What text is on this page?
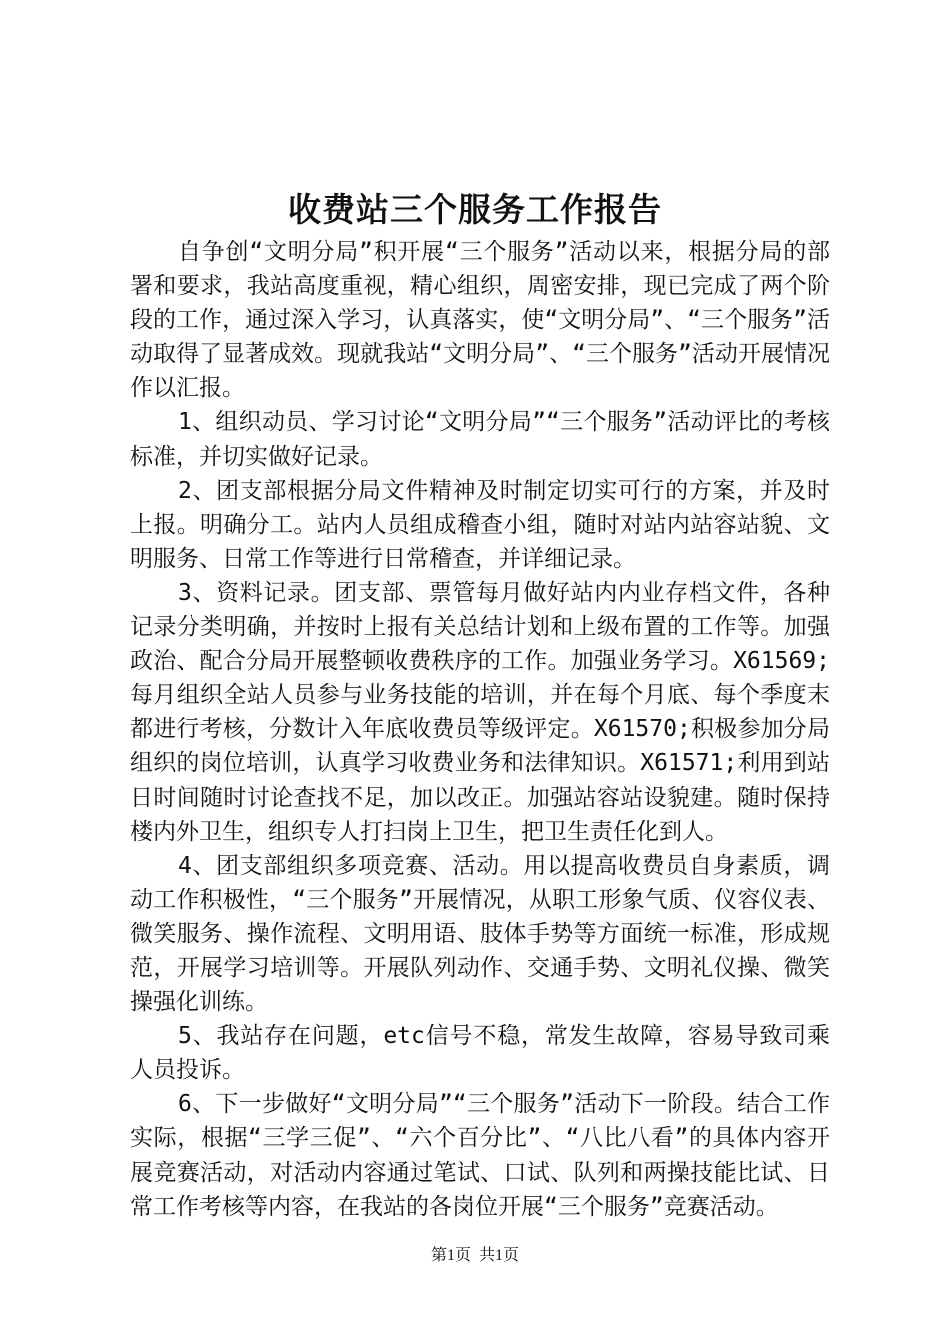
收费站三个服务工作报告

自争创“文明分局”积开展“三个服务”活动以来，根据分局的部署和要求，我站高度重视，精心组织，周密安排，现已完成了两个阶段的工作，通过深入学习，认真落实，使“文明分局”、“三个服务”活动取得了显著成效。现就我站“文明分局”、“三个服务”活动开展情况作以汇报。

1、组织动员、学习讨论“文明分局”“三个服务”活动评比的考核标准，并切实做好记录。

2、团支部根据分局文件精神及时制定切实可行的方案，并及时上报。明确分工。站内人员组成稽查小组，随时对站内站容站貌、文明服务、日常工作等进行日常稽查，并详细记录。

3、资料记录。团支部、票管每月做好站内内业存档文件，各种记录分类明确，并按时上报有关总结计划和上级布置的工作等。加强政治、配合分局开展整顿收费秩序的工作。加强业务学习。X61569;每月组织全站人员参与业务技能的培训，并在每个月底、每个季度末都进行考核，分数计入年底收费员等级评定。X61570;积极参加分局组织的岗位培训，认真学习收费业务和法律知识。X61571;利用到站日时间随时讨论查找不足，加以改正。加强站容站设貌建。随时保持楼内外卫生，组织专人打扫岗上卫生，把卫生责任化到人。

4、团支部组织多项竞赛、活动。用以提高收费员自身素质，调动工作积极性，“三个服务”开展情况，从职工形象气质、仪容仪表、微笑服务、操作流程、文明用语、肢体手势等方面统一标准，形成规范，开展学习培训等。开展队列动作、交通手势、文明礼仪操、微笑操强化训练。

5、我站存在问题，etc信号不稳，常发生故障，容易导致司乘人员投诉。

6、下一步做好“文明分局”“三个服务”活动下一阶段。结合工作实际，根据“三学三促”、“六个百分比”、“八比八看”的具体内容开展竞赛活动，对活动内容通过笔试、口试、队列和两操技能比试、日常工作考核等内容，在我站的各岗位开展“三个服务”竞赛活动。

第1页 共1页
